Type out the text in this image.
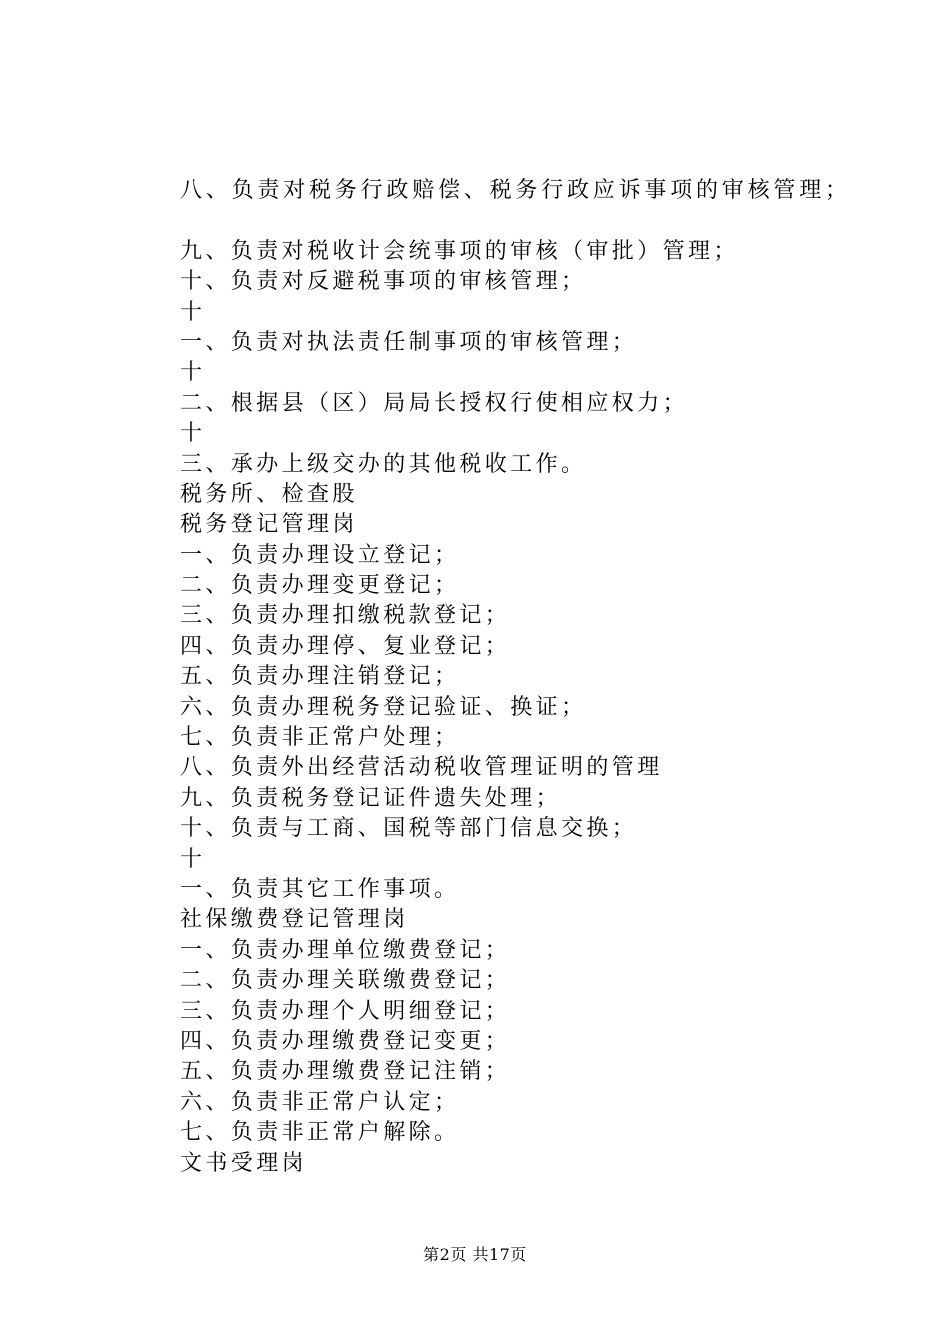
八、负责对税务行政赔偿、税务行政应诉事项的审核管理；
九、负责对税收计会统事项的审核（审批）管理；
十、负责对反避税事项的审核管理；
十
一、负责对执法责任制事项的审核管理；
十
二、根据县（区）局局长授权行使相应权力；
十
三、承办上级交办的其他税收工作。
税务所、检查股
税务登记管理岗
一、负责办理设立登记；
二、负责办理变更登记；
三、负责办理扣缴税款登记；
四、负责办理停、复业登记；
五、负责办理注销登记；
六、负责办理税务登记验证、换证；
七、负责非正常户处理；
八、负责外出经营活动税收管理证明的管理
九、负责税务登记证件遗失处理；
十、负责与工商、国税等部门信息交换；
十
一、负责其它工作事项。
社保缴费登记管理岗
一、负责办理单位缴费登记；
二、负责办理关联缴费登记；
三、负责办理个人明细登记；
四、负责办理缴费登记变更；
五、负责办理缴费登记注销；
六、负责非正常户认定；
七、负责非正常户解除。
文书受理岗
第2页 共17页
